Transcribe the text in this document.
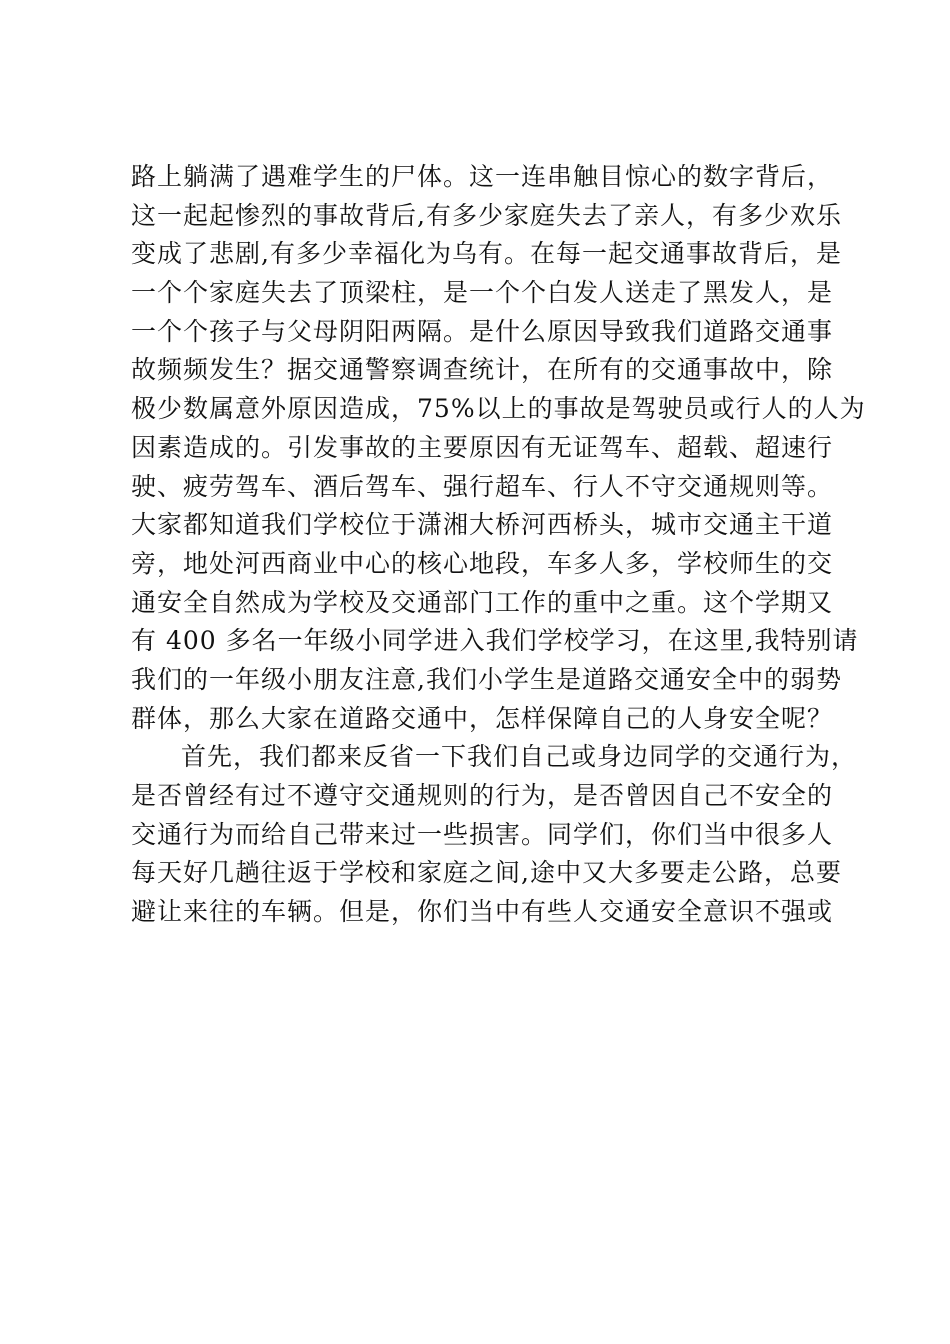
路上躺满了遇难学生的尸体。这一连串触目惊心的数字背后，
这一起起惨烈的事故背后,有多少家庭失去了亲人，有多少欢乐
变成了悲剧,有多少幸福化为乌有。在每一起交通事故背后，是
一个个家庭失去了顶梁柱，是一个个白发人送走了黑发人，是
一个个孩子与父母阴阳两隔。是什么原因导致我们道路交通事
故频频发生？据交通警察调查统计，在所有的交通事故中，除
极少数属意外原因造成，75%以上的事故是驾驶员或行人的人为
因素造成的。引发事故的主要原因有无证驾车、超载、超速行
驶、疲劳驾车、酒后驾车、强行超车、行人不守交通规则等。
大家都知道我们学校位于潇湘大桥河西桥头，城市交通主干道
旁，地处河西商业中心的核心地段，车多人多，学校师生的交
通安全自然成为学校及交通部门工作的重中之重。这个学期又
有 400 多名一年级小同学进入我们学校学习，在这里,我特别请
我们的一年级小朋友注意,我们小学生是道路交通安全中的弱势
群体，那么大家在道路交通中，怎样保障自己的人身安全呢？
首先，我们都来反省一下我们自己或身边同学的交通行为，
是否曾经有过不遵守交通规则的行为，是否曾因自己不安全的
交通行为而给自己带来过一些损害。同学们，你们当中很多人
每天好几趟往返于学校和家庭之间,途中又大多要走公路，总要
避让来往的车辆。但是，你们当中有些人交通安全意识不强或
